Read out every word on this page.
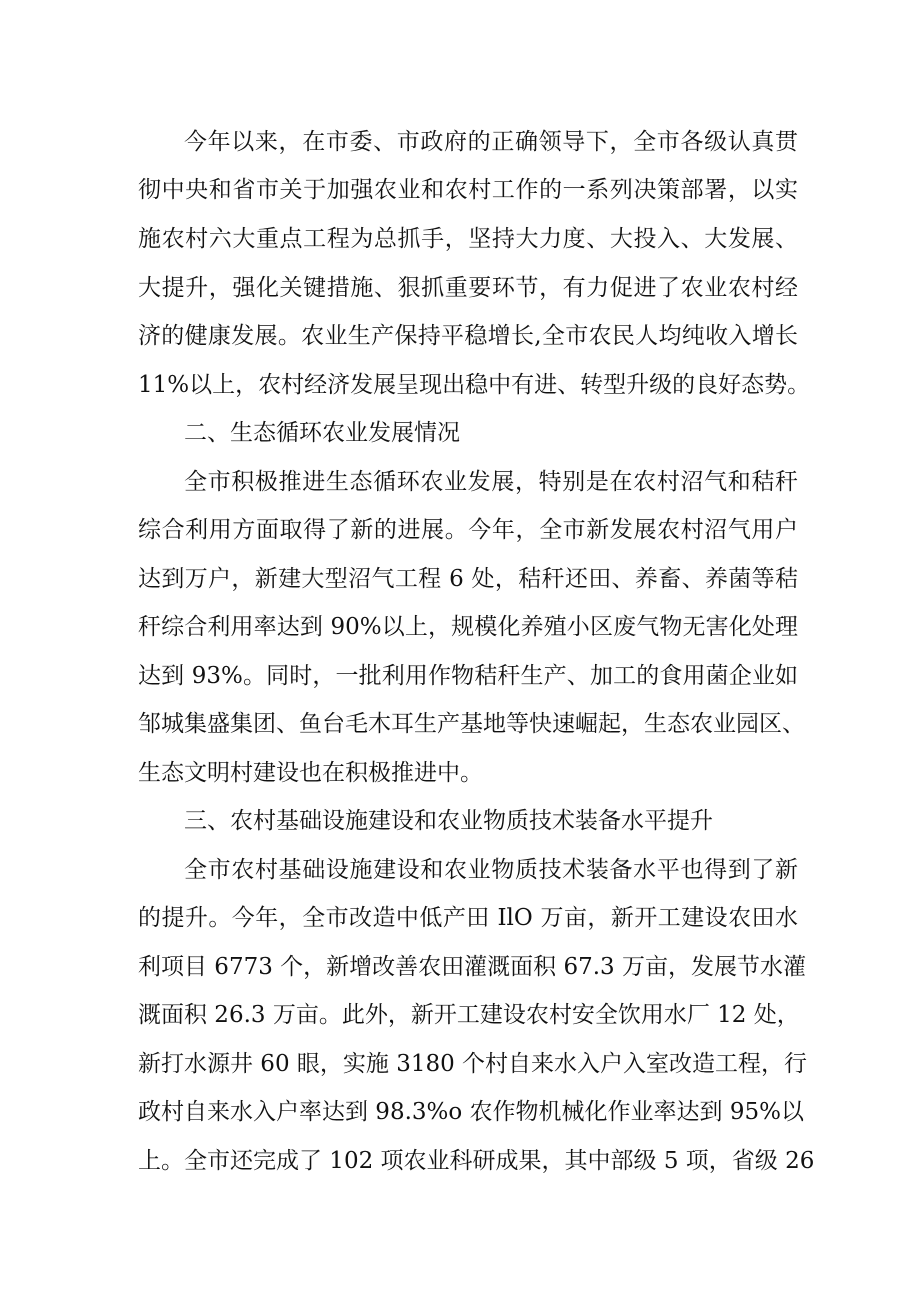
今年以来，在市委、市政府的正确领导下，全市各级认真贯
彻中央和省市关于加强农业和农村工作的一系列决策部署，以实
施农村六大重点工程为总抓手，坚持大力度、大投入、大发展、
大提升，强化关键措施、狠抓重要环节，有力促进了农业农村经
济的健康发展。农业生产保持平稳增长,全市农民人均纯收入增长
11%以上，农村经济发展呈现出稳中有进、转型升级的良好态势。
二、生态循环农业发展情况
全市积极推进生态循环农业发展，特别是在农村沼气和秸秆
综合利用方面取得了新的进展。今年，全市新发展农村沼气用户
达到万户，新建大型沼气工程 6 处，秸秆还田、养畜、养菌等秸
秆综合利用率达到 90%以上，规模化养殖小区废气物无害化处理
达到 93%。同时，一批利用作物秸秆生产、加工的食用菌企业如
邹城集盛集团、鱼台毛木耳生产基地等快速崛起，生态农业园区、
生态文明村建设也在积极推进中。
三、农村基础设施建设和农业物质技术装备水平提升
全市农村基础设施建设和农业物质技术装备水平也得到了新
的提升。今年，全市改造中低产田 IlO 万亩，新开工建设农田水
利项目 6773 个，新增改善农田灌溉面积 67.3 万亩，发展节水灌
溉面积 26.3 万亩。此外，新开工建设农村安全饮用水厂 12 处，
新打水源井 60 眼，实施 3180 个村自来水入户入室改造工程，行
政村自来水入户率达到 98.3%o 农作物机械化作业率达到 95%以
上。全市还完成了 102 项农业科研成果，其中部级 5 项，省级 26
